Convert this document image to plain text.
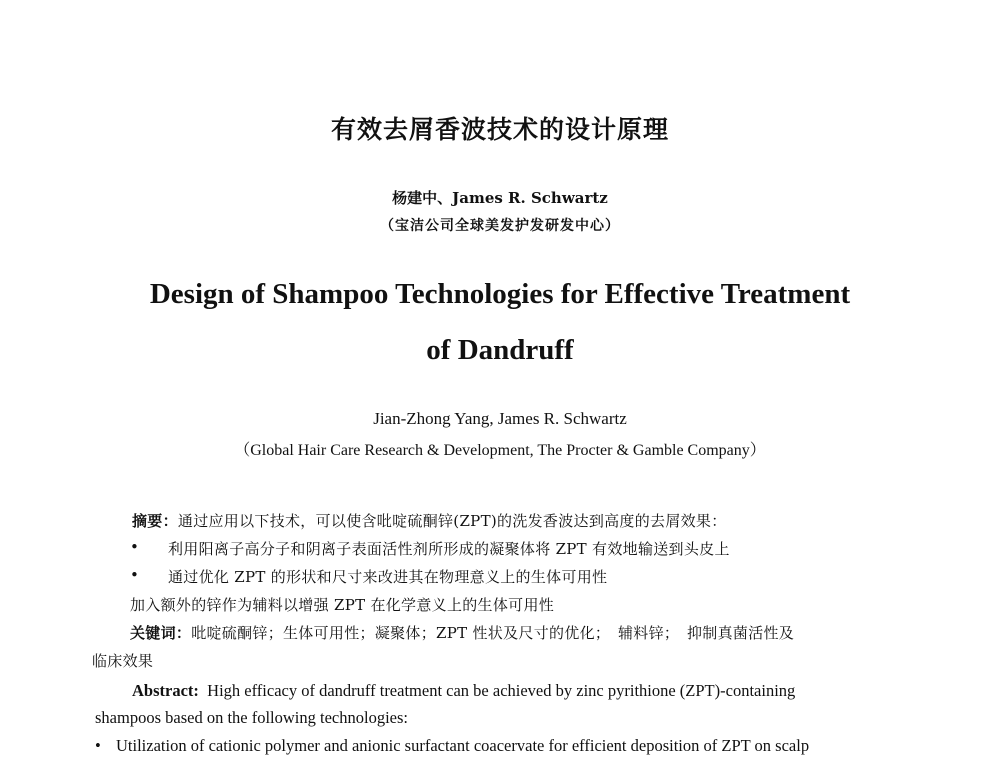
有效去屑香波技术的设计原理
杨建中、James R. Schwartz
（宝洁公司全球美发护发研发中心）
Design of Shampoo Technologies for Effective Treatment
of Dandruff
Jian-Zhong Yang, James R. Schwartz
（Global Hair Care Research & Development, The Procter & Gamble Company）
摘要：通过应用以下技术，可以使含吡啶硫酮锌(ZPT)的洗发香波达到高度的去屑效果：
• 利用阳离子高分子和阴离子表面活性剂所形成的凝聚体将 ZPT 有效地输送到头皮上
• 通过优化 ZPT 的形状和尺寸来改进其在物理意义上的生体可用性
加入额外的锌作为辅料以增强 ZPT 在化学意义上的生体可用性
关键词：吡啶硫酮锌；生体可用性；凝聚体；ZPT 性状及尺寸的优化；　辅料锌；　抑制真菌活性及
临床效果
Abstract: High efficacy of dandruff treatment can be achieved by zinc pyrithione (ZPT)-containing
shampoos based on the following technologies:
• Utilization of cationic polymer and anionic surfactant coacervate for efficient deposition of ZPT on scalp
